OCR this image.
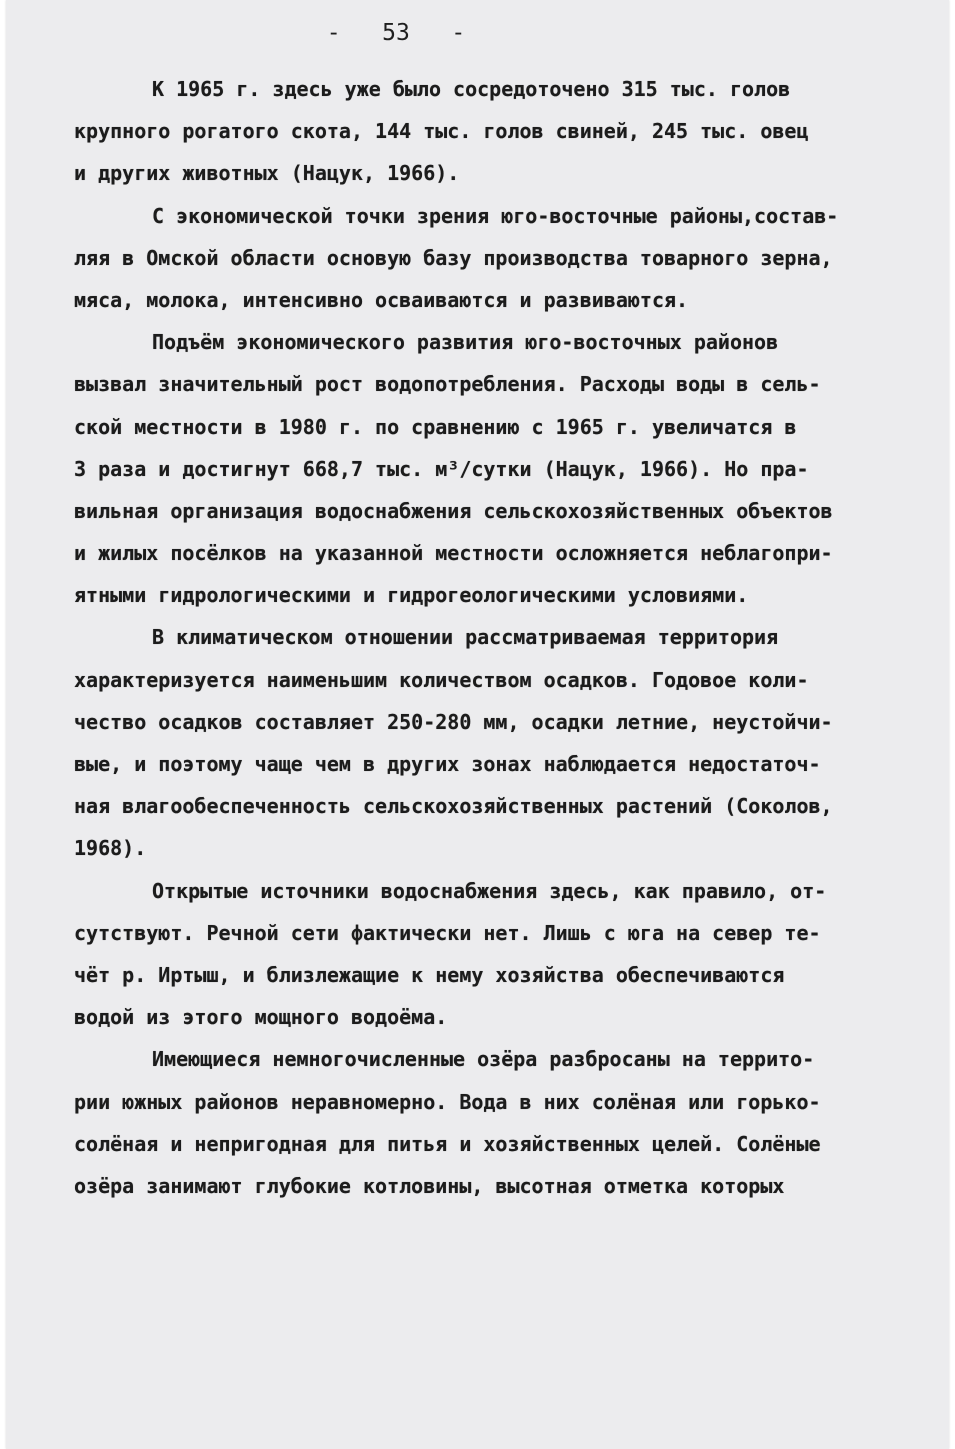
-   53   -
К 1965 г. здесь уже было сосредоточено 315 тыс. голов
крупного рогатого скота, 144 тыс. голов свиней, 245 тыс. овец
и других животных (Нацук, 1966).
С экономической точки зрения юго-восточные районы,состав-
ляя в Омской области основую базу производства товарного зерна,
мяса, молока, интенсивно осваиваются и развиваются.
Подъём экономического развития юго-восточных районов
вызвал значительный рост водопотребления. Расходы воды в сель-
ской местности в 1980 г. по сравнению с 1965 г. увеличатся в
3 раза и достигнут 668,7 тыс. м³/сутки (Нацук, 1966). Но пра-
вильная организация водоснабжения сельскохозяйственных объектов
и жилых посёлков на указанной местности осложняется неблагопри-
ятными гидрологическими и гидрогеологическими условиями.
В климатическом отношении рассматриваемая территория
характеризуется наименьшим количеством осадков. Годовое коли-
чество осадков составляет 250-280 мм, осадки летние, неустойчи-
вые, и поэтому чаще чем в других зонах наблюдается недостаточ-
ная влагообеспеченность сельскохозяйственных растений (Соколов,
1968).
Открытые источники водоснабжения здесь, как правило, от-
сутствуют. Речной сети фактически нет. Лишь с юга на север те-
чёт р. Иртыш, и близлежащие к нему хозяйства обеспечиваются
водой из этого мощного водоёма.
Имеющиеся немногочисленные озёра разбросаны на террито-
рии южных районов неравномерно. Вода в них солёная или горько-
солёная и непригодная для питья и хозяйственных целей. Солёные
озёра занимают глубокие котловины, высотная отметка которых
